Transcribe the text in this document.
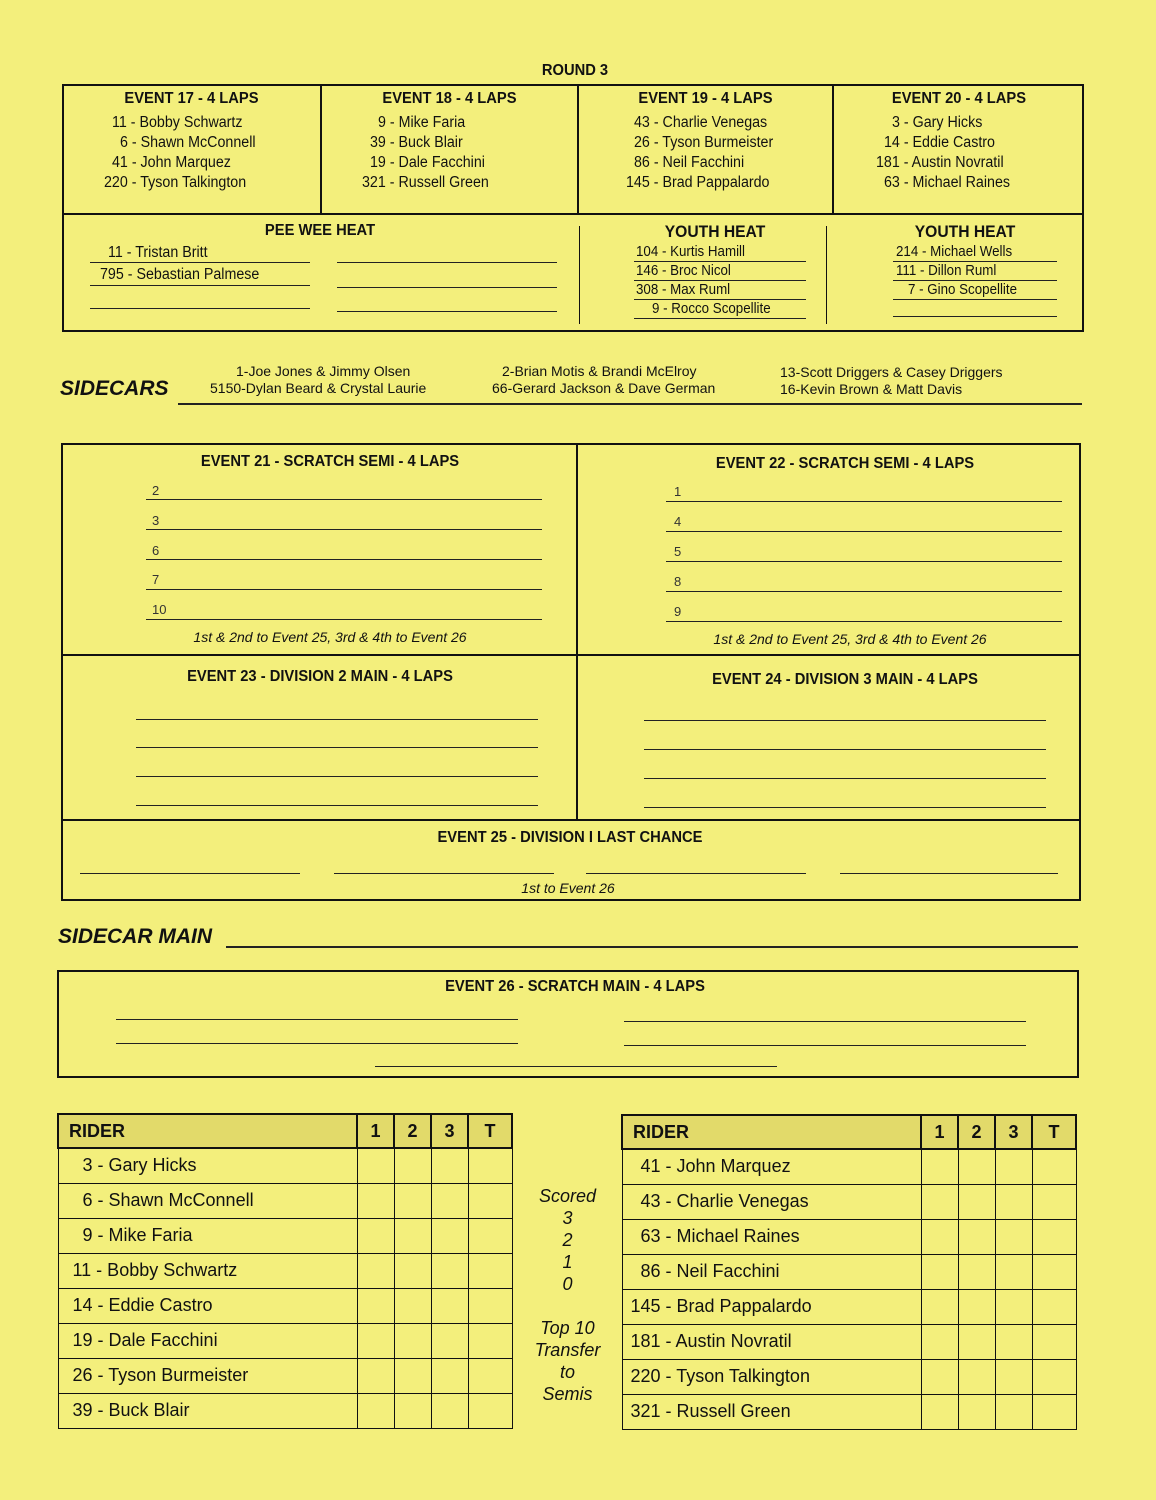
ROUND 3
EVENT 17 - 4 LAPS
11 - Bobby Schwartz
6 - Shawn McConnell
41 - John Marquez
220 - Tyson Talkington
EVENT 18 - 4 LAPS
9 - Mike Faria
39 - Buck Blair
19 - Dale Facchini
321 - Russell Green
EVENT 19 - 4 LAPS
43 - Charlie Venegas
26 - Tyson Burmeister
86 - Neil Facchini
145 - Brad Pappalardo
EVENT 20 - 4 LAPS
3 - Gary Hicks
14 - Eddie Castro
181 - Austin Novratil
63 - Michael Raines
PEE WEE HEAT
11 - Tristan Britt
795 - Sebastian Palmese
YOUTH HEAT
104 - Kurtis Hamill
146 - Broc Nicol
308 - Max Ruml
9 - Rocco Scopellite
YOUTH HEAT
214 - Michael Wells
111 - Dillon Ruml
7 - Gino Scopellite
SIDECARS
1-Joe Jones & Jimmy Olsen
5150-Dylan Beard & Crystal Laurie
2-Brian Motis & Brandi McElroy
66-Gerard Jackson & Dave German
13-Scott Driggers & Casey Driggers
16-Kevin Brown & Matt Davis
EVENT 21 - SCRATCH SEMI - 4 LAPS
2
3
6
7
10
1st & 2nd to Event 25, 3rd & 4th to Event 26
EVENT 22 - SCRATCH SEMI - 4 LAPS
1
4
5
8
9
1st & 2nd to Event 25, 3rd & 4th to Event 26
EVENT 23 - DIVISION 2 MAIN - 4 LAPS	EVENT 24 - DIVISION 3 MAIN - 4 LAPS
EVENT 25 - DIVISION I LAST CHANCE
1st to Event 26
SIDECAR MAIN
EVENT 26 - SCRATCH MAIN - 4 LAPS
RIDER	1	2	3	T
3 - Gary Hicks				
6 - Shawn McConnell				
9 - Mike Faria				
11 - Bobby Schwartz				
14 - Eddie Castro				
19 - Dale Facchini				
26 - Tyson Burmeister				
39 - Buck Blair				
Scored
3
2
1
0
Top 10
Transfer
to
Semis
RIDER	1	2	3	T
41 - John Marquez				
43 - Charlie Venegas				
63 - Michael Raines				
86 - Neil Facchini				
145 - Brad Pappalardo				
181 - Austin Novratil				
220 - Tyson Talkington				
321 - Russell Green				
